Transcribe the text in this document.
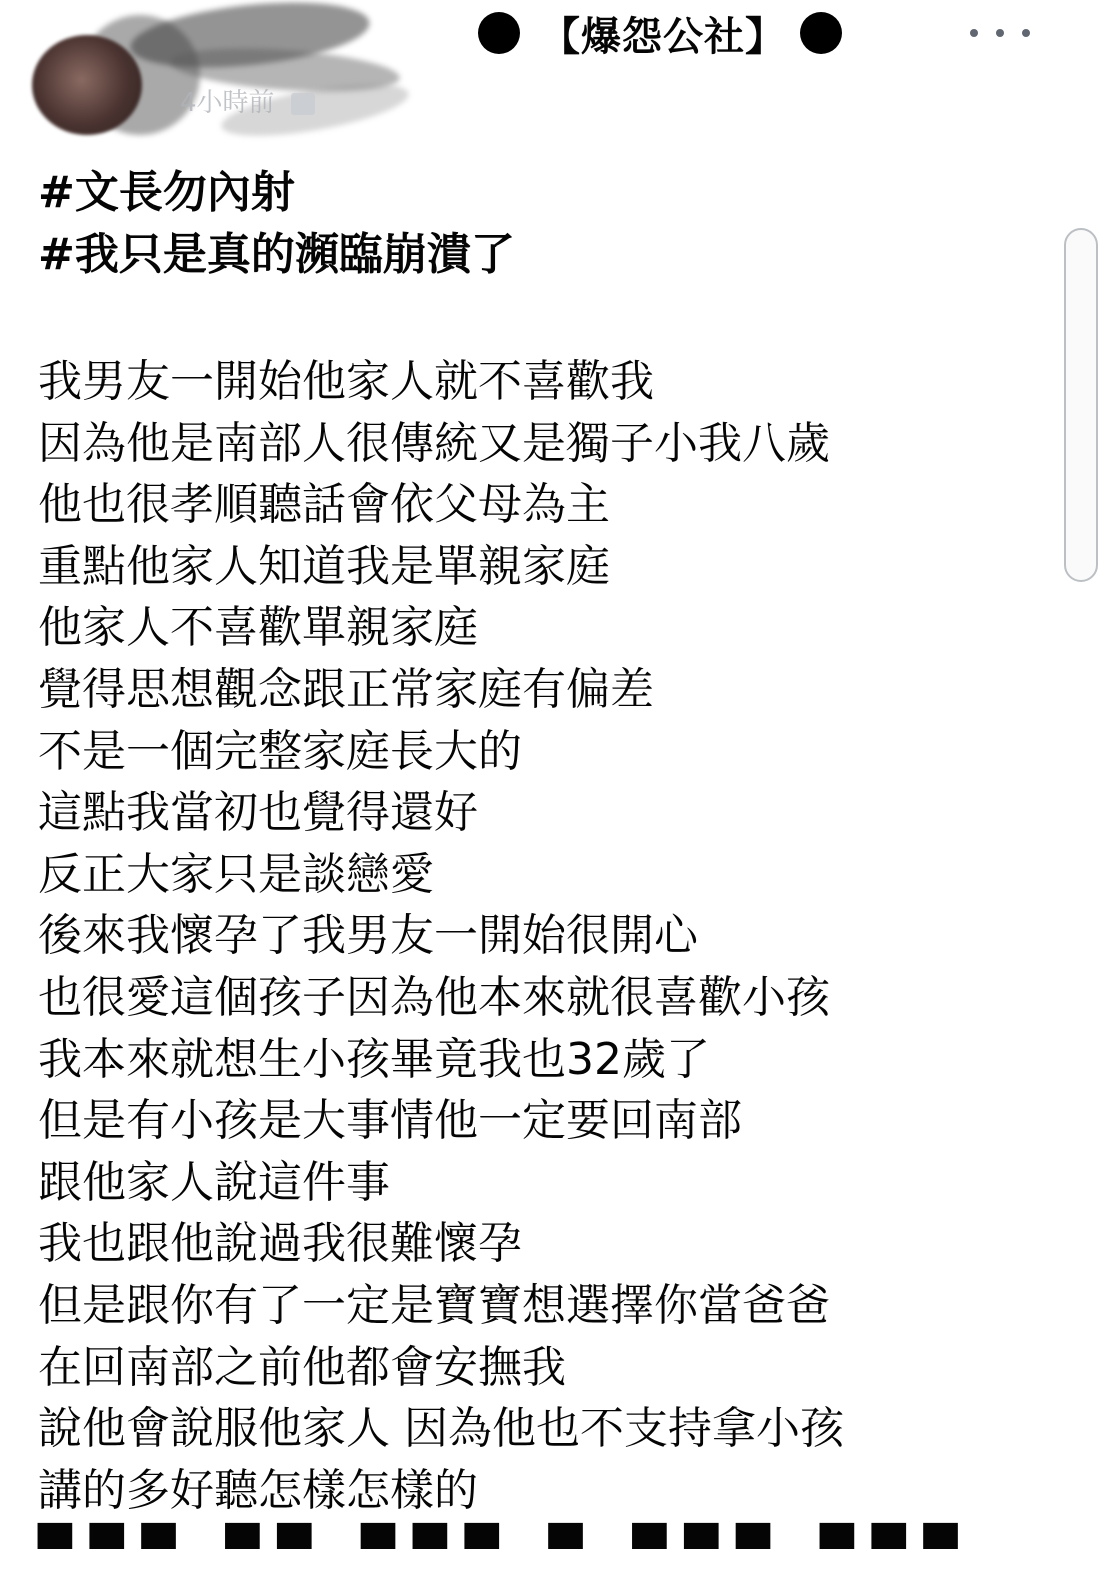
4小時前
【爆怨公社】

#文長勿內射

#我只是真的瀕臨崩潰了

我男友一開始他家人就不喜歡我

因為他是南部人很傳統又是獨子小我八歲

他也很孝順聽話會依父母為主

重點他家人知道我是單親家庭

他家人不喜歡單親家庭

覺得思想觀念跟正常家庭有偏差

不是一個完整家庭長大的

這點我當初也覺得還好

反正大家只是談戀愛

後來我懷孕了我男友一開始很開心

也很愛這個孩子因為他本來就很喜歡小孩

我本來就想生小孩畢竟我也32歲了

但是有小孩是大事情他一定要回南部

跟他家人說這件事

我也跟他說過我很難懷孕

但是跟你有了一定是寶寶想選擇你當爸爸

在回南部之前他都會安撫我

說他會說服他家人 因為他也不支持拿小孩

講的多好聽怎樣怎樣的

▀▀▀ ▀▀ ▀▀▀ ▀ ▀▀▀ ▀▀▀
